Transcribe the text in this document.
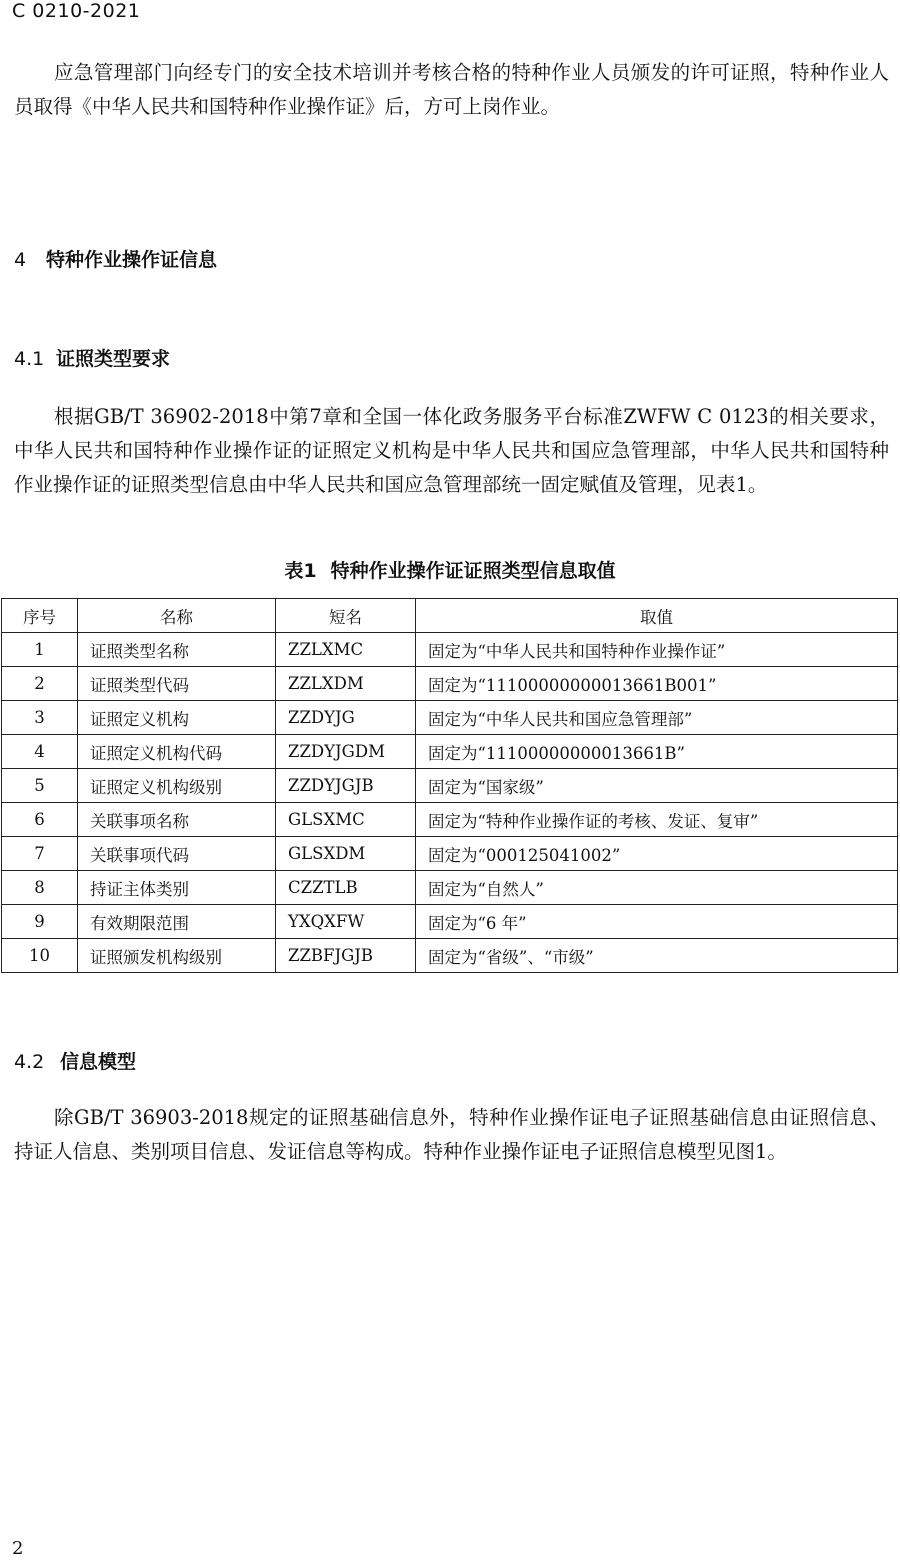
C 0210-2021

应急管理部门向经专门的安全技术培训并考核合格的特种作业人员颁发的许可证照，特种作业人员取得《中华人民共和国特种作业操作证》后，方可上岗作业。

4 特种作业操作证信息
4.1 证照类型要求

根据GB/T 36902-2018中第7章和全国一体化政务服务平台标准ZWFW C 0123的相关要求，中华人民共和国特种作业操作证的证照定义机构是中华人民共和国应急管理部，中华人民共和国特种作业操作证的证照类型信息由中华人民共和国应急管理部统一固定赋值及管理，见表1。

表1 特种作业操作证证照类型信息取值
序号	名称	短名	取值
1	证照类型名称	ZZLXMC	固定为“中华人民共和国特种作业操作证”
2	证照类型代码	ZZLXDM	固定为“11100000000013661B001”
3	证照定义机构	ZZDYJG	固定为“中华人民共和国应急管理部”
4	证照定义机构代码	ZZDYJGDM	固定为“11100000000013661B”
5	证照定义机构级别	ZZDYJGJB	固定为“国家级”
6	关联事项名称	GLSXMC	固定为“特种作业操作证的考核、发证、复审”
7	关联事项代码	GLSXDM	固定为“000125041002”
8	持证主体类别	CZZTLB	固定为“自然人”
9	有效期限范围	YXQXFW	固定为“6 年”
10	证照颁发机构级别	ZZBFJGJB	固定为“省级”、“市级”
4.2 信息模型

除GB/T 36903-2018规定的证照基础信息外，特种作业操作证电子证照基础信息由证照信息、持证人信息、类别项目信息、发证信息等构成。特种作业操作证电子证照信息模型见图1。

2
